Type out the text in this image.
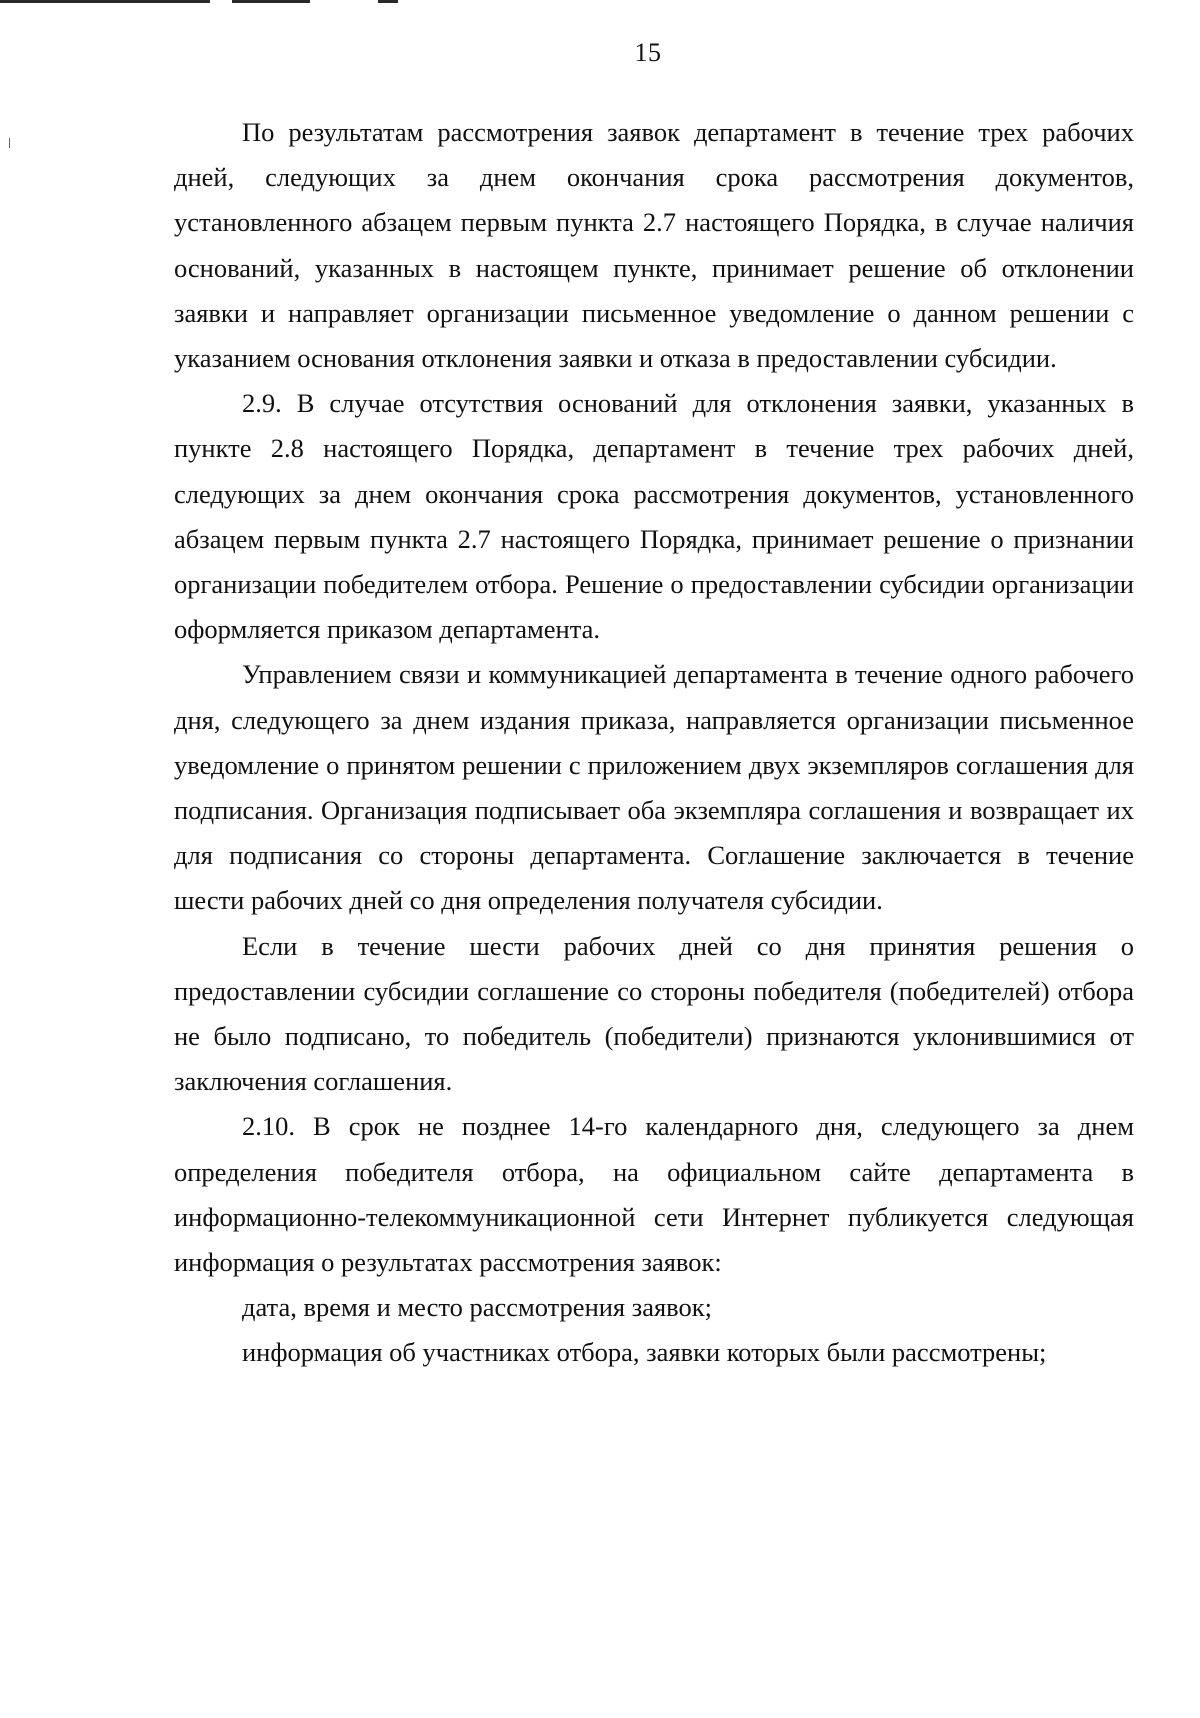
15

По результатам рассмотрения заявок департамент в течение трех рабочих дней, следующих за днем окончания срока рассмотрения документов, установленного абзацем первым пункта 2.7 настоящего Порядка, в случае наличия оснований, указанных в настоящем пункте, принимает решение об отклонении заявки и направляет организации письменное уведомление о данном решении с указанием основания отклонения заявки и отказа в предоставлении субсидии.

2.9. В случае отсутствия оснований для отклонения заявки, указанных в пункте 2.8 настоящего Порядка, департамент в течение трех рабочих дней, следующих за днем окончания срока рассмотрения документов, установленного абзацем первым пункта 2.7 настоящего Порядка, принимает решение о признании организации победителем отбора. Решение о предоставлении субсидии организации оформляется приказом департамента.

Управлением связи и коммуникацией департамента в течение одного рабочего дня, следующего за днем издания приказа, направляется организации письменное уведомление о принятом решении с приложением двух экземпляров соглашения для подписания. Организация подписывает оба экземпляра соглашения и возвращает их для подписания со стороны департамента. Соглашение заключается в течение шести рабочих дней со дня определения получателя субсидии.

Если в течение шести рабочих дней со дня принятия решения о предоставлении субсидии соглашение со стороны победителя (победителей) отбора не было подписано, то победитель (победители) признаются уклонившимися от заключения соглашения.

2.10. В срок не позднее 14-го календарного дня, следующего за днем определения победителя отбора, на официальном сайте департамента в информационно-телекоммуникационной сети Интернет публикуется следующая информация о результатах рассмотрения заявок:

дата, время и место рассмотрения заявок;

информация об участниках отбора, заявки которых были рассмотрены;
